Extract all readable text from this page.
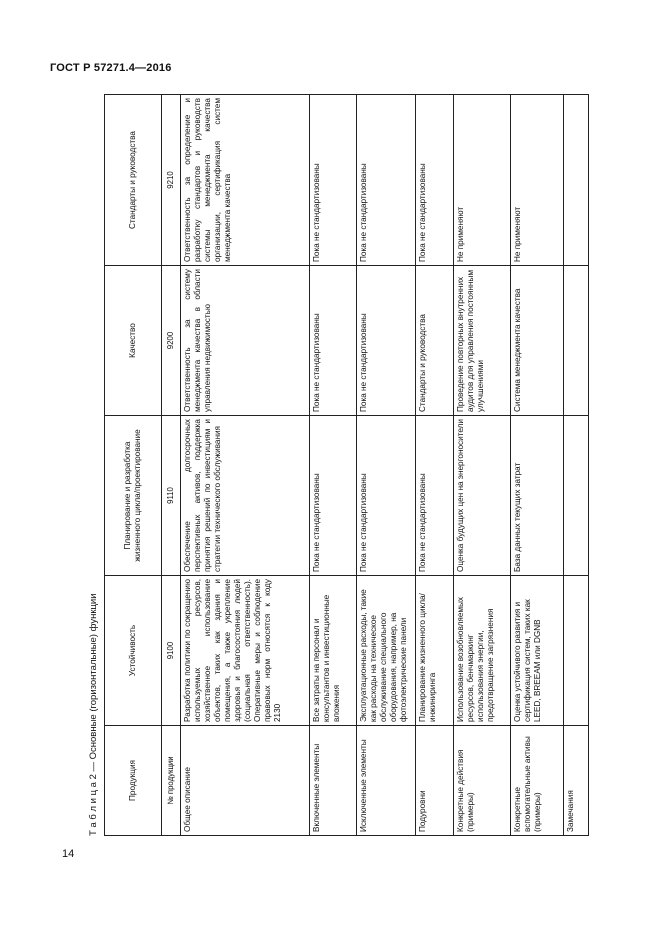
ГОСТ Р 57271.4—2016
Т а б л и ц а 2 — Основные (горизонтальные) функции	Продукция	Устойчивость	Планирование и разработка жизненного цикла/проектирование	Качество	Стандарты и руководства
№ продукции	9100	9110	9200	9210
Общее описание	Разработка политики по сокращению используемых ресурсов, хозяйственное использование объектов, таких как здания и помещения, а также укрепление здоровья и благосостояния людей (социальная ответственность). Оперативные меры и соблюдение правовых норм относятся к коду 2130	Обеспечение долгосрочных перспективных активов, поддержка принятия решений по инвестициям и стратегии технического обслуживания	Ответственность за систему менеджмента качества в области управления недвижимостью	Ответственность за определение и разработку стандартов и руководств системы менеджмента качества организации, сертификация систем менеджмента качества
Включенные элементы	Все затраты на персонал и консультантов и инвестиционные вложения	Пока не стандартизованы	Пока не стандартизованы	Пока не стандартизованы
Исключенные элементы	Эксплуатационные расходы, такие как расходы на техническое обслуживание специального оборудования, например, на фотоэлектрические панели	Пока не стандартизованы	Пока не стандартизованы	Пока не стандартизованы
Подуровни	Планирование жизненного цикла/инжиниринга	Пока не стандартизованы	Стандарты и руководства	Пока не стандартизованы
Конкретные действия (примеры)	Использование возобновляемых ресурсов, бенчмаркинг использования энергии, предотвращение загрязнения	Оценка будущих цен на энергоносители	Проведение повторных внутренних аудитов для управления постоянным улучшениями	Не применяют
Конкретные вспомогательные активы (примеры)	Оценка устойчивого развития и сертификация систем, таких как LEED, BREEAM или DGNB	База данных текущих затрат	Система менеджмента качества	Не применяют
Замечания				
14
